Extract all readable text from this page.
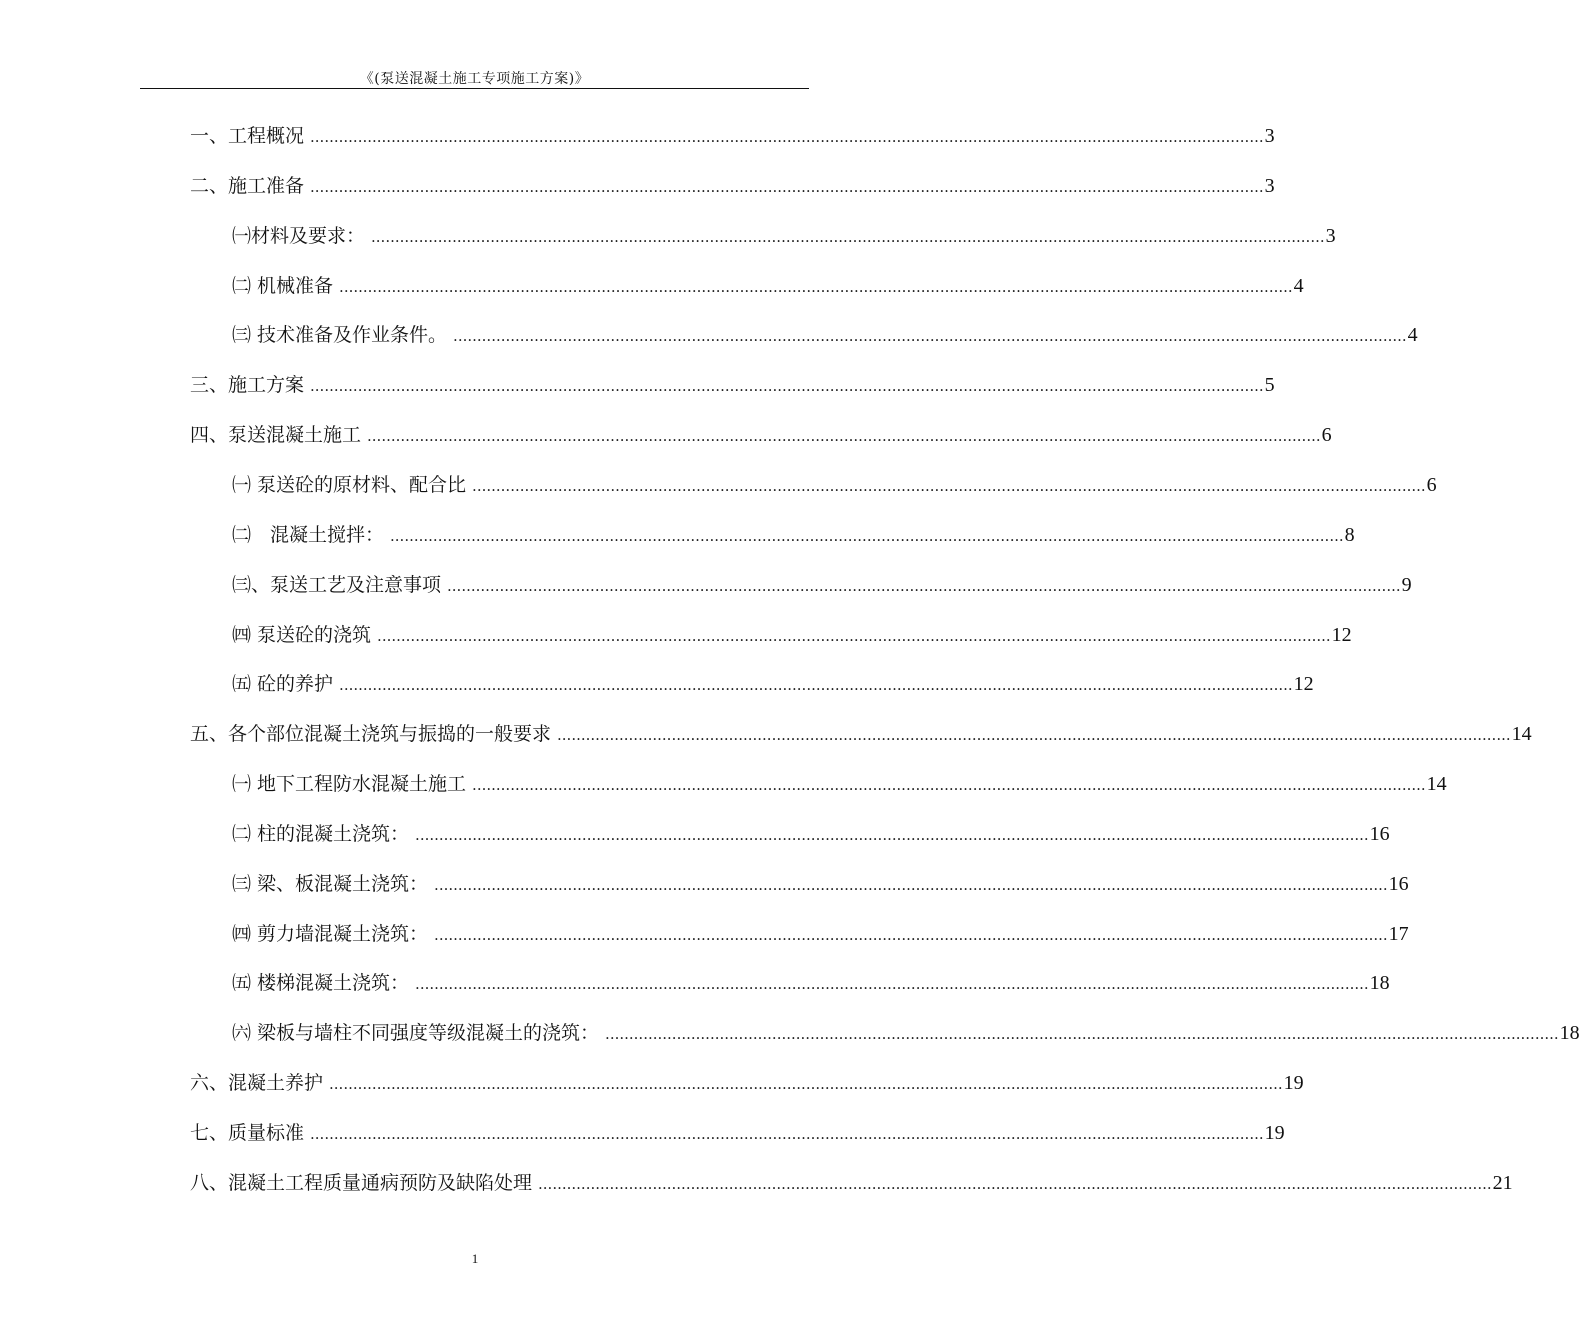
《(泵送混凝土施工专项施工方案)》
一、工程概况 ........................................................................................................................................................................................................ 3
二、施工准备 ........................................................................................................................................................................................................ 3
㈠材料及要求： ........................................................................................................................................................................................................ 3
㈡ 机械准备 ........................................................................................................................................................................................................ 4
㈢ 技术准备及作业条件。 ........................................................................................................................................................................................................ 4
三、施工方案 ........................................................................................................................................................................................................ 5
四、泵送混凝土施工 ........................................................................................................................................................................................................ 6
㈠ 泵送砼的原材料、配合比 ........................................................................................................................................................................................................ 6
㈡　混凝土搅拌： ........................................................................................................................................................................................................ 8
㈢、泵送工艺及注意事项 ........................................................................................................................................................................................................ 9
㈣ 泵送砼的浇筑 ........................................................................................................................................................................................................ 12
㈤ 砼的养护 ........................................................................................................................................................................................................ 12
五、各个部位混凝土浇筑与振捣的一般要求 ........................................................................................................................................................................................................ 14
㈠ 地下工程防水混凝土施工 ........................................................................................................................................................................................................ 14
㈡ 柱的混凝土浇筑： ........................................................................................................................................................................................................ 16
㈢ 梁、板混凝土浇筑： ........................................................................................................................................................................................................ 16
㈣ 剪力墙混凝土浇筑： ........................................................................................................................................................................................................ 17
㈤ 楼梯混凝土浇筑： ........................................................................................................................................................................................................ 18
㈥ 梁板与墙柱不同强度等级混凝土的浇筑： ........................................................................................................................................................................................................ 18
六、混凝土养护 ........................................................................................................................................................................................................ 19
七、质量标准 ........................................................................................................................................................................................................ 19
八、混凝土工程质量通病预防及缺陷处理 ........................................................................................................................................................................................................ 21
1
